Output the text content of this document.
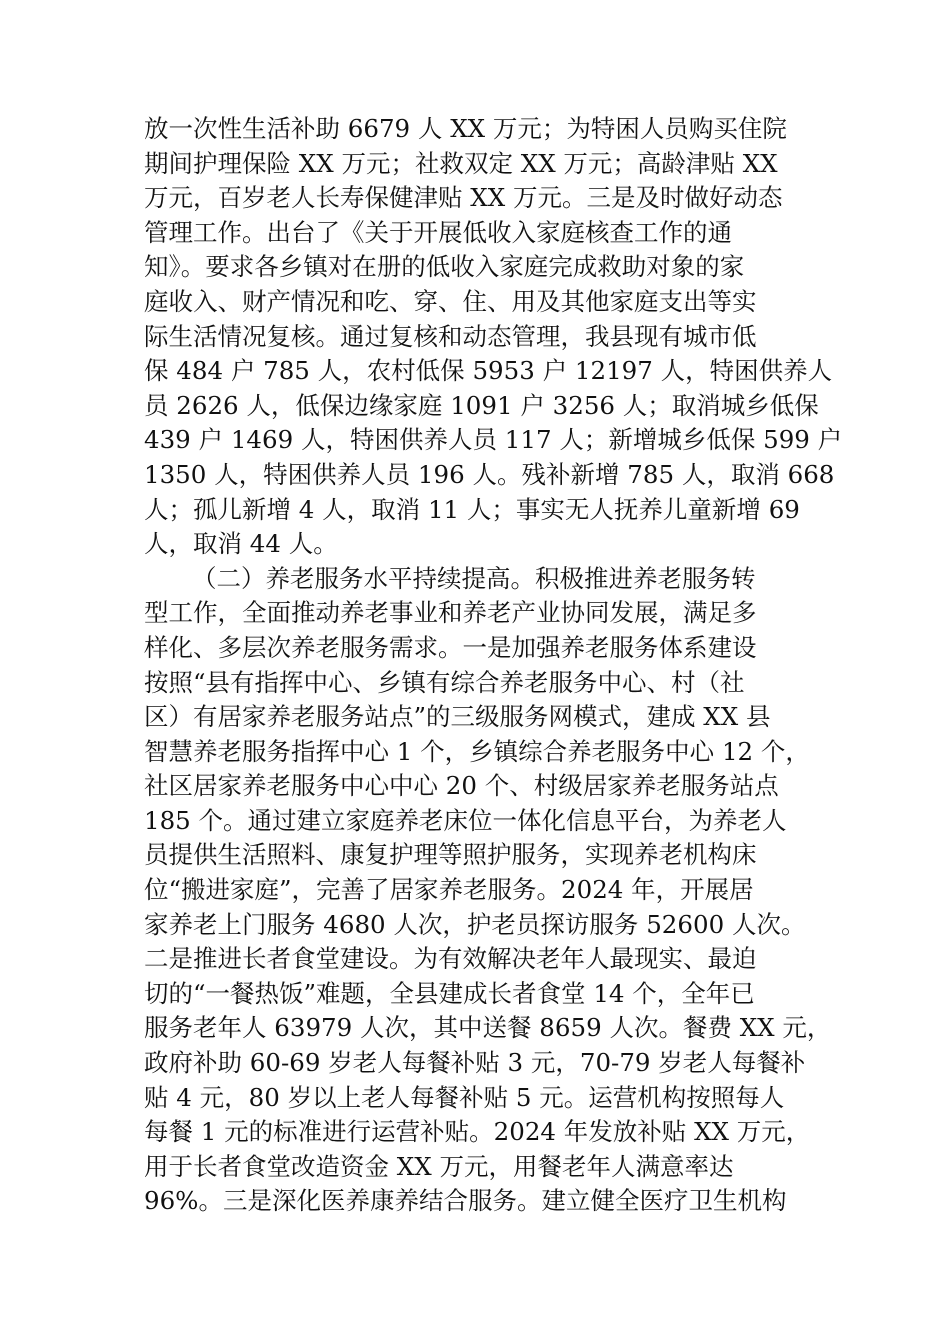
放一次性生活补助 6679 人 XX 万元；为特困人员购买住院
期间护理保险 XX 万元；社救双定 XX 万元；高龄津贴 XX
万元，百岁老人长寿保健津贴 XX 万元。三是及时做好动态
管理工作。出台了《关于开展低收入家庭核查工作的通
知》。要求各乡镇对在册的低收入家庭完成救助对象的家
庭收入、财产情况和吃、穿、住、用及其他家庭支出等实
际生活情况复核。通过复核和动态管理，我县现有城市低
保 484 户 785 人，农村低保 5953 户 12197 人，特困供养人
员 2626 人，低保边缘家庭 1091 户 3256 人；取消城乡低保
439 户 1469 人，特困供养人员 117 人；新增城乡低保 599 户
1350 人，特困供养人员 196 人。残补新增 785 人，取消 668
人；孤儿新增 4 人，取消 11 人；事实无人抚养儿童新增 69
人，取消 44 人。
（二）养老服务水平持续提高。积极推进养老服务转
型工作，全面推动养老事业和养老产业协同发展，满足多
样化、多层次养老服务需求。一是加强养老服务体系建设
按照“县有指挥中心、乡镇有综合养老服务中心、村（社
区）有居家养老服务站点”的三级服务网模式，建成 XX 县
智慧养老服务指挥中心 1 个，乡镇综合养老服务中心 12 个，
社区居家养老服务中心中心 20 个、村级居家养老服务站点
185 个。通过建立家庭养老床位一体化信息平台，为养老人
员提供生活照料、康复护理等照护服务，实现养老机构床
位“搬进家庭”，完善了居家养老服务。2024 年，开展居
家养老上门服务 4680 人次，护老员探访服务 52600 人次。
二是推进长者食堂建设。为有效解决老年人最现实、最迫
切的“一餐热饭”难题，全县建成长者食堂 14 个，全年已
服务老年人 63979 人次，其中送餐 8659 人次。餐费 XX 元，
政府补助 60-69 岁老人每餐补贴 3 元，70-79 岁老人每餐补
贴 4 元，80 岁以上老人每餐补贴 5 元。运营机构按照每人
每餐 1 元的标准进行运营补贴。2024 年发放补贴 XX 万元，
用于长者食堂改造资金 XX 万元，用餐老年人满意率达
96%。三是深化医养康养结合服务。建立健全医疗卫生机构
